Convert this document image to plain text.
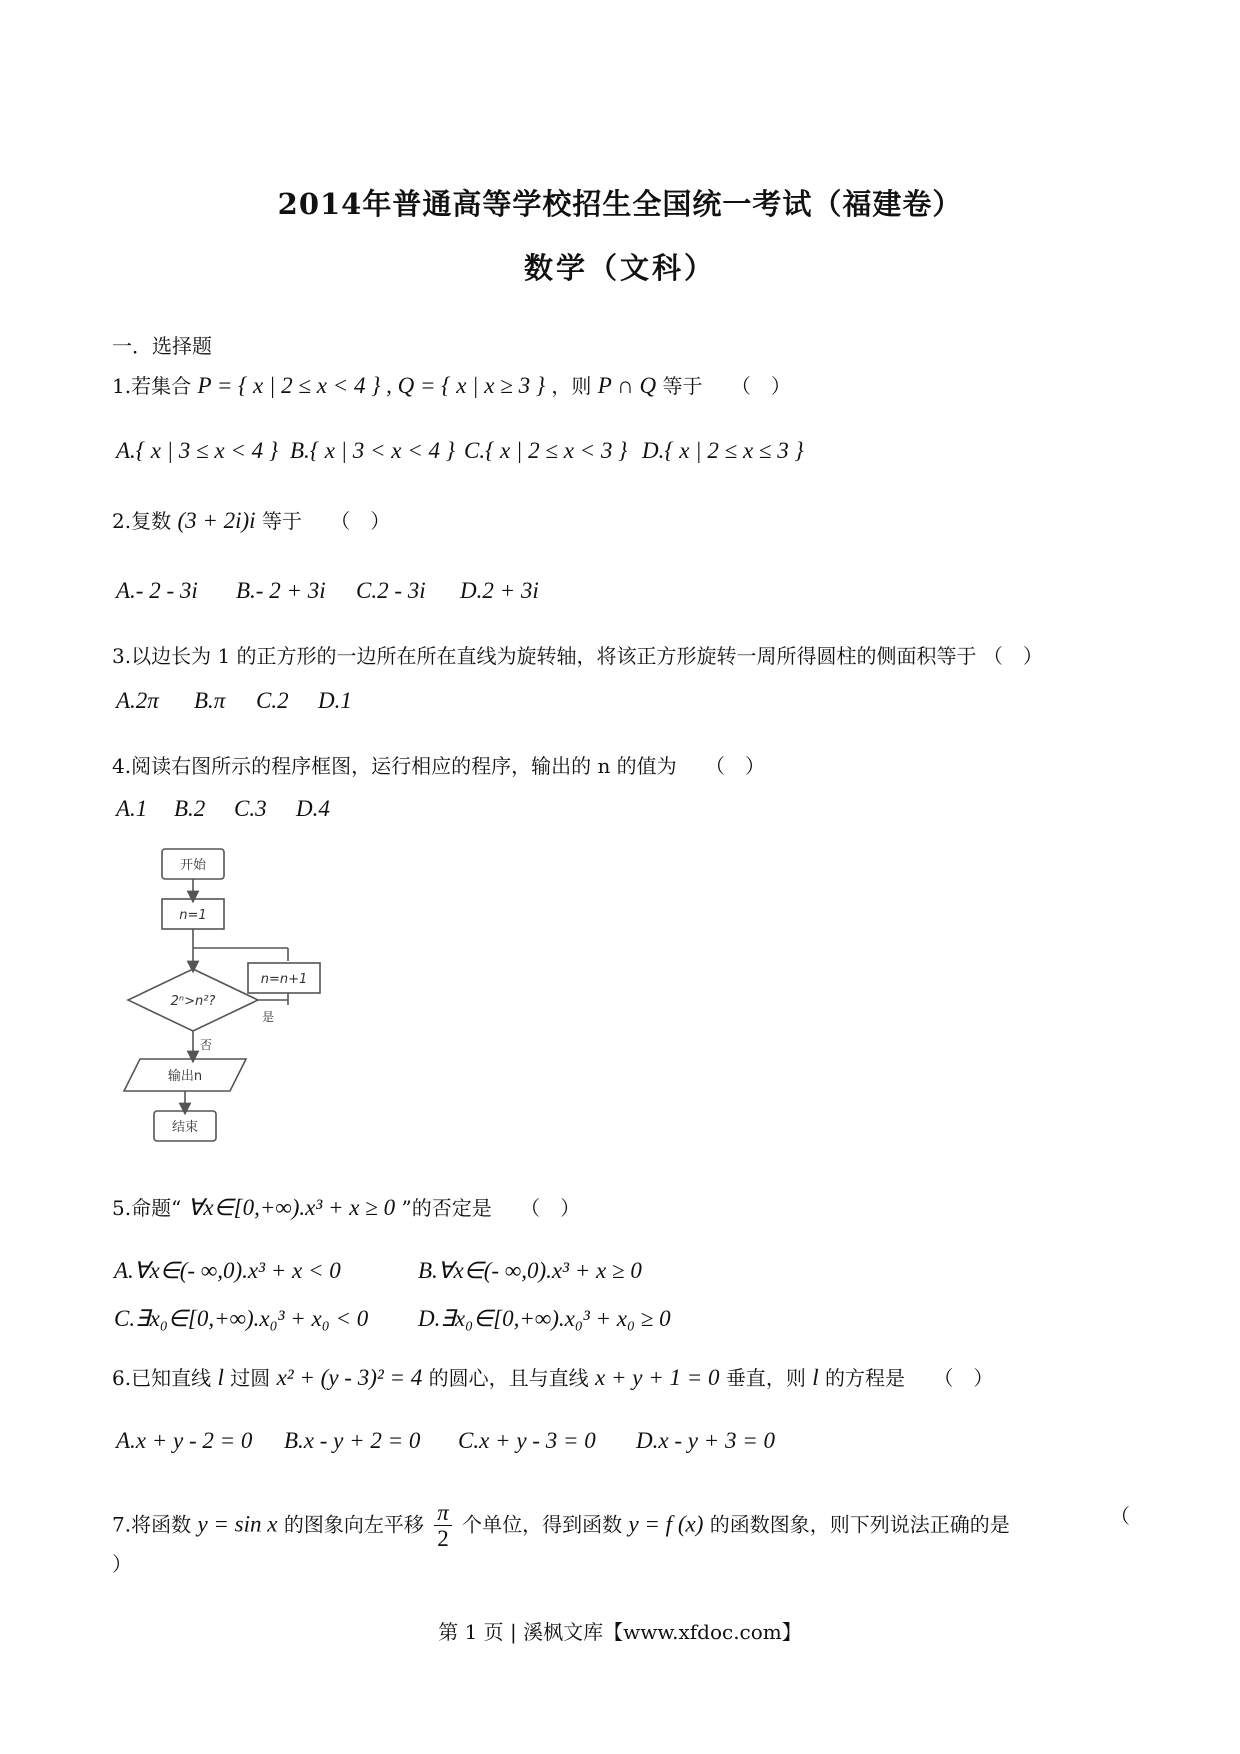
2014年普通高等学校招生全国统一考试（福建卷）
数学（文科）
一．选择题
1.若集合 P = { x | 2 ≤ x < 4 } , Q = { x | x ≥ 3 } ，则 P ∩ Q 等于 （　）
A.{ x | 3 ≤ x < 4 } B.{ x | 3 < x < 4 } C.{ x | 2 ≤ x < 3 } D.{ x | 2 ≤ x ≤ 3 }
2.复数 (3 + 2i)i 等于 （　）
A.- 2 - 3i B.- 2 + 3i C.2 - 3i D.2 + 3i
3.以边长为 1 的正方形的一边所在所在直线为旋转轴，将该正方形旋转一周所得圆柱的侧面积等于 （　）
A.2π B.π C.2 D.1
4.阅读右图所示的程序框图，运行相应的程序，输出的 n 的值为 （　）
A.1 B.2 C.3 D.4
开始
n=1
n=n+1
2ⁿ>n²?
是
否
输出n
结束
5.命题“ ∀x∈[0,+∞).x³ + x ≥ 0 ”的否定是 （　）
A.∀x∈(- ∞,0).x³ + x < 0	B.∀x∈(- ∞,0).x³ + x ≥ 0
C.∃x₀∈[0,+∞).x₀³ + x₀ < 0 D.∃x₀∈[0,+∞).x₀³ + x₀ ≥ 0
6.已知直线 l 过圆 x² + (y - 3)² = 4 的圆心，且与直线 x + y + 1 = 0 垂直，则 l 的方程是 （　）
A.x + y - 2 = 0 B.x - y + 2 = 0 C.x + y - 3 = 0 D.x - y + 3 = 0
7.将函数 y = sin x 的图象向左平移 $\frac{\pi}{2}$ 个单位，得到函数 y = f (x) 的函数图象，则下列说法正确的是	（
）
第 1 页 | 溪枫文库【www.xfdoc.com】
